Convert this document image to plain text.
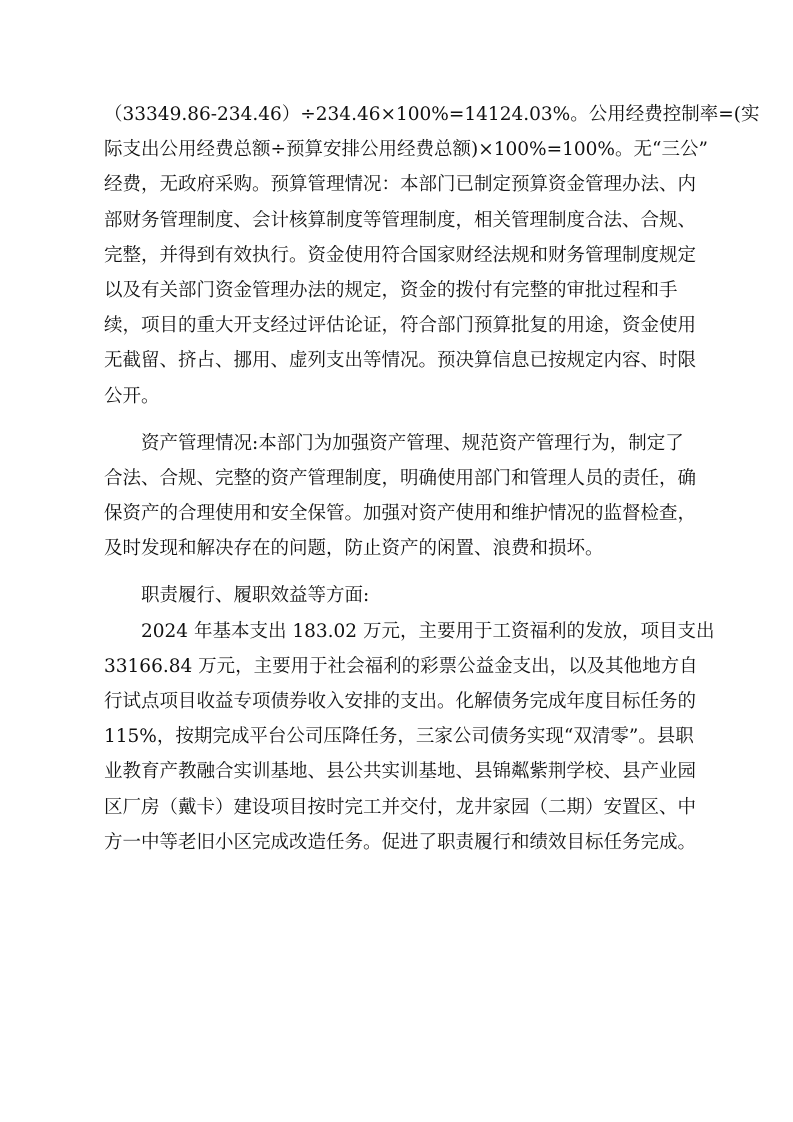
（33349.86-234.46）÷234.46×100%=14124.03%。公用经费控制率=(实
际支出公用经费总额÷预算安排公用经费总额)×100%=100%。无“三公”
经费，无政府采购。预算管理情况：本部门已制定预算资金管理办法、内
部财务管理制度、会计核算制度等管理制度，相关管理制度合法、合规、
完整，并得到有效执行。资金使用符合国家财经法规和财务管理制度规定
以及有关部门资金管理办法的规定，资金的拨付有完整的审批过程和手
续，项目的重大开支经过评估论证，符合部门预算批复的用途，资金使用
无截留、挤占、挪用、虚列支出等情况。预决算信息已按规定内容、时限
公开。
　　资产管理情况:本部门为加强资产管理、规范资产管理行为，制定了
合法、合规、完整的资产管理制度，明确使用部门和管理人员的责任，确
保资产的合理使用和安全保管。加强对资产使用和维护情况的监督检查，
及时发现和解决存在的问题，防止资产的闲置、浪费和损坏。
　　职责履行、履职效益等方面:
　　2024 年基本支出 183.02 万元，主要用于工资福利的发放，项目支出
33166.84 万元，主要用于社会福利的彩票公益金支出，以及其他地方自
行试点项目收益专项债券收入安排的支出。化解债务完成年度目标任务的
115%，按期完成平台公司压降任务，三家公司债务实现“双清零”。县职
业教育产教融合实训基地、县公共实训基地、县锦粼紫荆学校、县产业园
区厂房（戴卡）建设项目按时完工并交付，龙井家园（二期）安置区、中
方一中等老旧小区完成改造任务。促进了职责履行和绩效目标任务完成。
